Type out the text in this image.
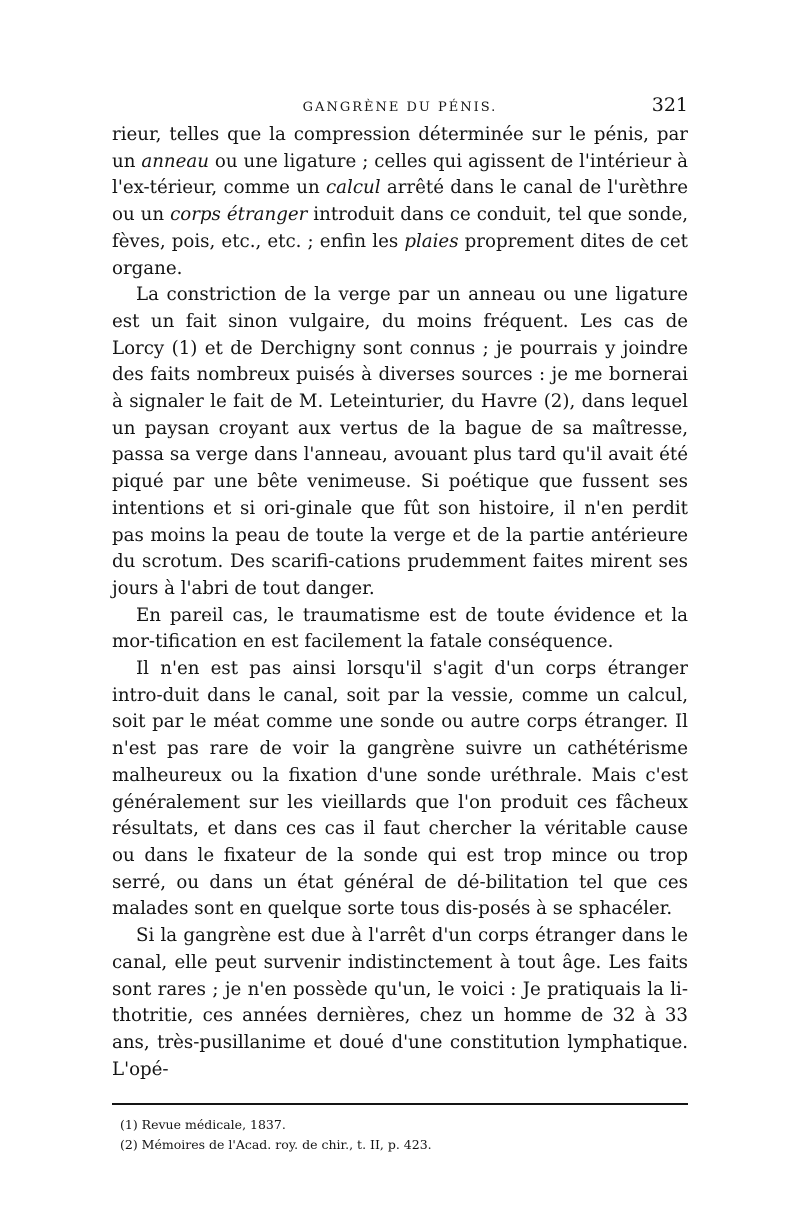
GANGRÈNE DU PÉNIS.	321

rieur, telles que la compression déterminée sur le pénis, par un anneau ou une ligature ; celles qui agissent de l'intérieur à l'ex-térieur, comme un calcul arrêté dans le canal de l'urèthre ou un corps étranger introduit dans ce conduit, tel que sonde, fèves, pois, etc., etc. ; enfin les plaies proprement dites de cet organe.

La constriction de la verge par un anneau ou une ligature est un fait sinon vulgaire, du moins fréquent. Les cas de Lorcy (1) et de Derchigny sont connus ; je pourrais y joindre des faits nombreux puisés à diverses sources : je me bornerai à signaler le fait de M. Leteinturier, du Havre (2), dans lequel un paysan croyant aux vertus de la bague de sa maîtresse, passa sa verge dans l'anneau, avouant plus tard qu'il avait été piqué par une bête venimeuse. Si poétique que fussent ses intentions et si ori-ginale que fût son histoire, il n'en perdit pas moins la peau de toute la verge et de la partie antérieure du scrotum. Des scarifi-cations prudemment faites mirent ses jours à l'abri de tout danger.

En pareil cas, le traumatisme est de toute évidence et la mor-tification en est facilement la fatale conséquence.

Il n'en est pas ainsi lorsqu'il s'agit d'un corps étranger intro-duit dans le canal, soit par la vessie, comme un calcul, soit par le méat comme une sonde ou autre corps étranger. Il n'est pas rare de voir la gangrène suivre un cathétérisme malheureux ou la fixation d'une sonde uréthrale. Mais c'est généralement sur les vieillards que l'on produit ces fâcheux résultats, et dans ces cas il faut chercher la véritable cause ou dans le fixateur de la sonde qui est trop mince ou trop serré, ou dans un état général de dé-bilitation tel que ces malades sont en quelque sorte tous dis-posés à se sphacéler.

Si la gangrène est due à l'arrêt d'un corps étranger dans le canal, elle peut survenir indistinctement à tout âge. Les faits sont rares ; je n'en possède qu'un, le voici : Je pratiquais la li-thotritie, ces années dernières, chez un homme de 32 à 33 ans, très-pusillanime et doué d'une constitution lymphatique. L'opé-

(1) Revue médicale, 1837.

(2) Mémoires de l'Acad. roy. de chir., t. II, p. 423.
